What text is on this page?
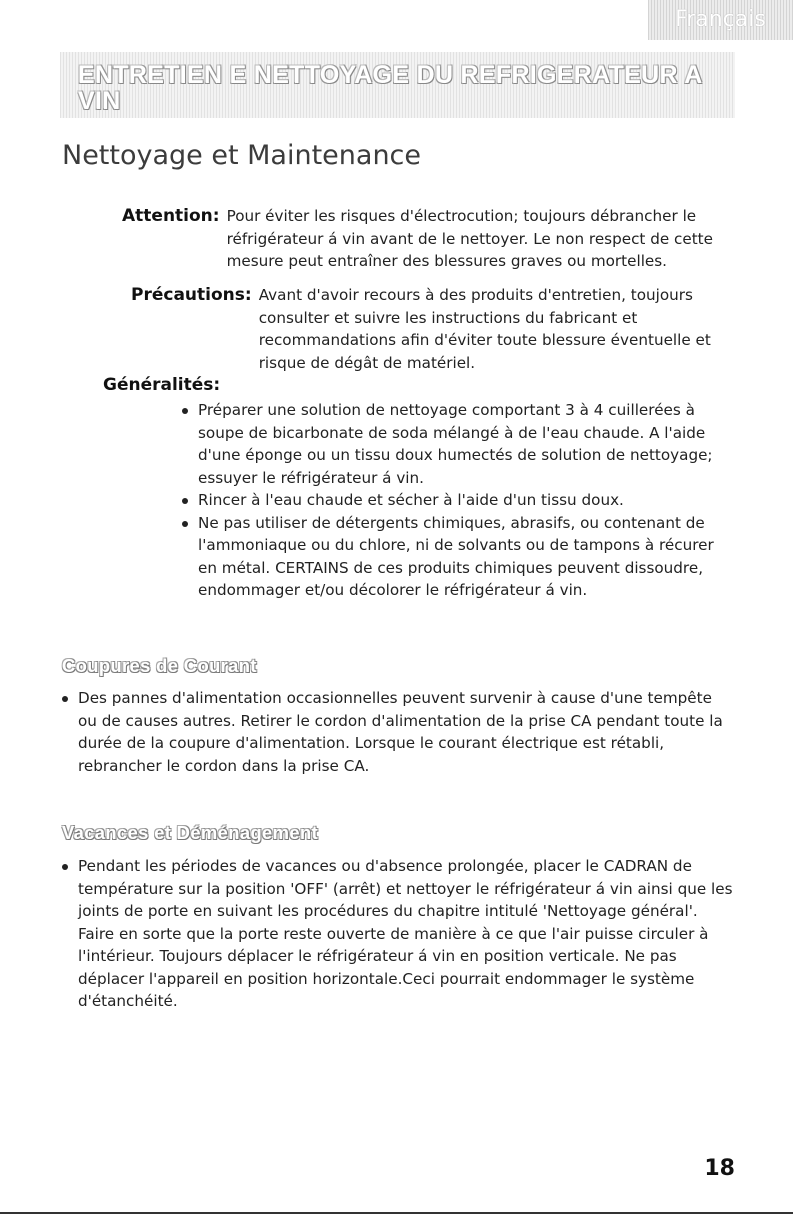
Français
ENTRETIEN E NETTOYAGE DU REFRIGERATEUR A VIN
Nettoyage et Maintenance
Attention: Pour éviter les risques d'électrocution; toujours débrancher le réfrigérateur á vin avant de le nettoyer. Le non respect de cette mesure peut entraîner des blessures graves ou mortelles.
Précautions: Avant d'avoir recours à des produits d'entretien, toujours consulter et suivre les instructions du fabricant et recommandations afin d'éviter toute blessure éventuelle et risque de dégât de matériel.
Généralités:
Préparer une solution de nettoyage comportant 3 à 4 cuillerées à soupe de bicarbonate de soda mélangé à de l'eau chaude. A l'aide d'une éponge ou un tissu doux humectés de solution de nettoyage; essuyer le réfrigérateur á vin.
Rincer à l'eau chaude et sécher à l'aide d'un tissu doux.
Ne pas utiliser de détergents chimiques, abrasifs, ou contenant de l'ammoniaque ou du chlore, ni de solvants ou de tampons à récurer en métal. CERTAINS de ces produits chimiques peuvent dissoudre, endommager et/ou décolorer le réfrigérateur á vin.
Coupures de Courant
Des pannes d'alimentation occasionnelles peuvent survenir à cause d'une tempête ou de causes autres. Retirer le cordon d'alimentation de la prise CA pendant toute la durée de la coupure d'alimentation. Lorsque le courant électrique est rétabli, rebrancher le cordon dans la prise CA.
Vacances et Déménagement
Pendant les périodes de vacances ou d'absence prolongée, placer le CADRAN de température sur la position 'OFF' (arrêt) et nettoyer le réfrigérateur á vin ainsi que les joints de porte en suivant les procédures du chapitre intitulé 'Nettoyage général'. Faire en sorte que la porte reste ouverte de manière à ce que l'air puisse circuler à l'intérieur. Toujours déplacer le réfrigérateur á vin en position verticale. Ne pas déplacer l'appareil en position horizontale.Ceci pourrait endommager le système d'étanchéité.
18
